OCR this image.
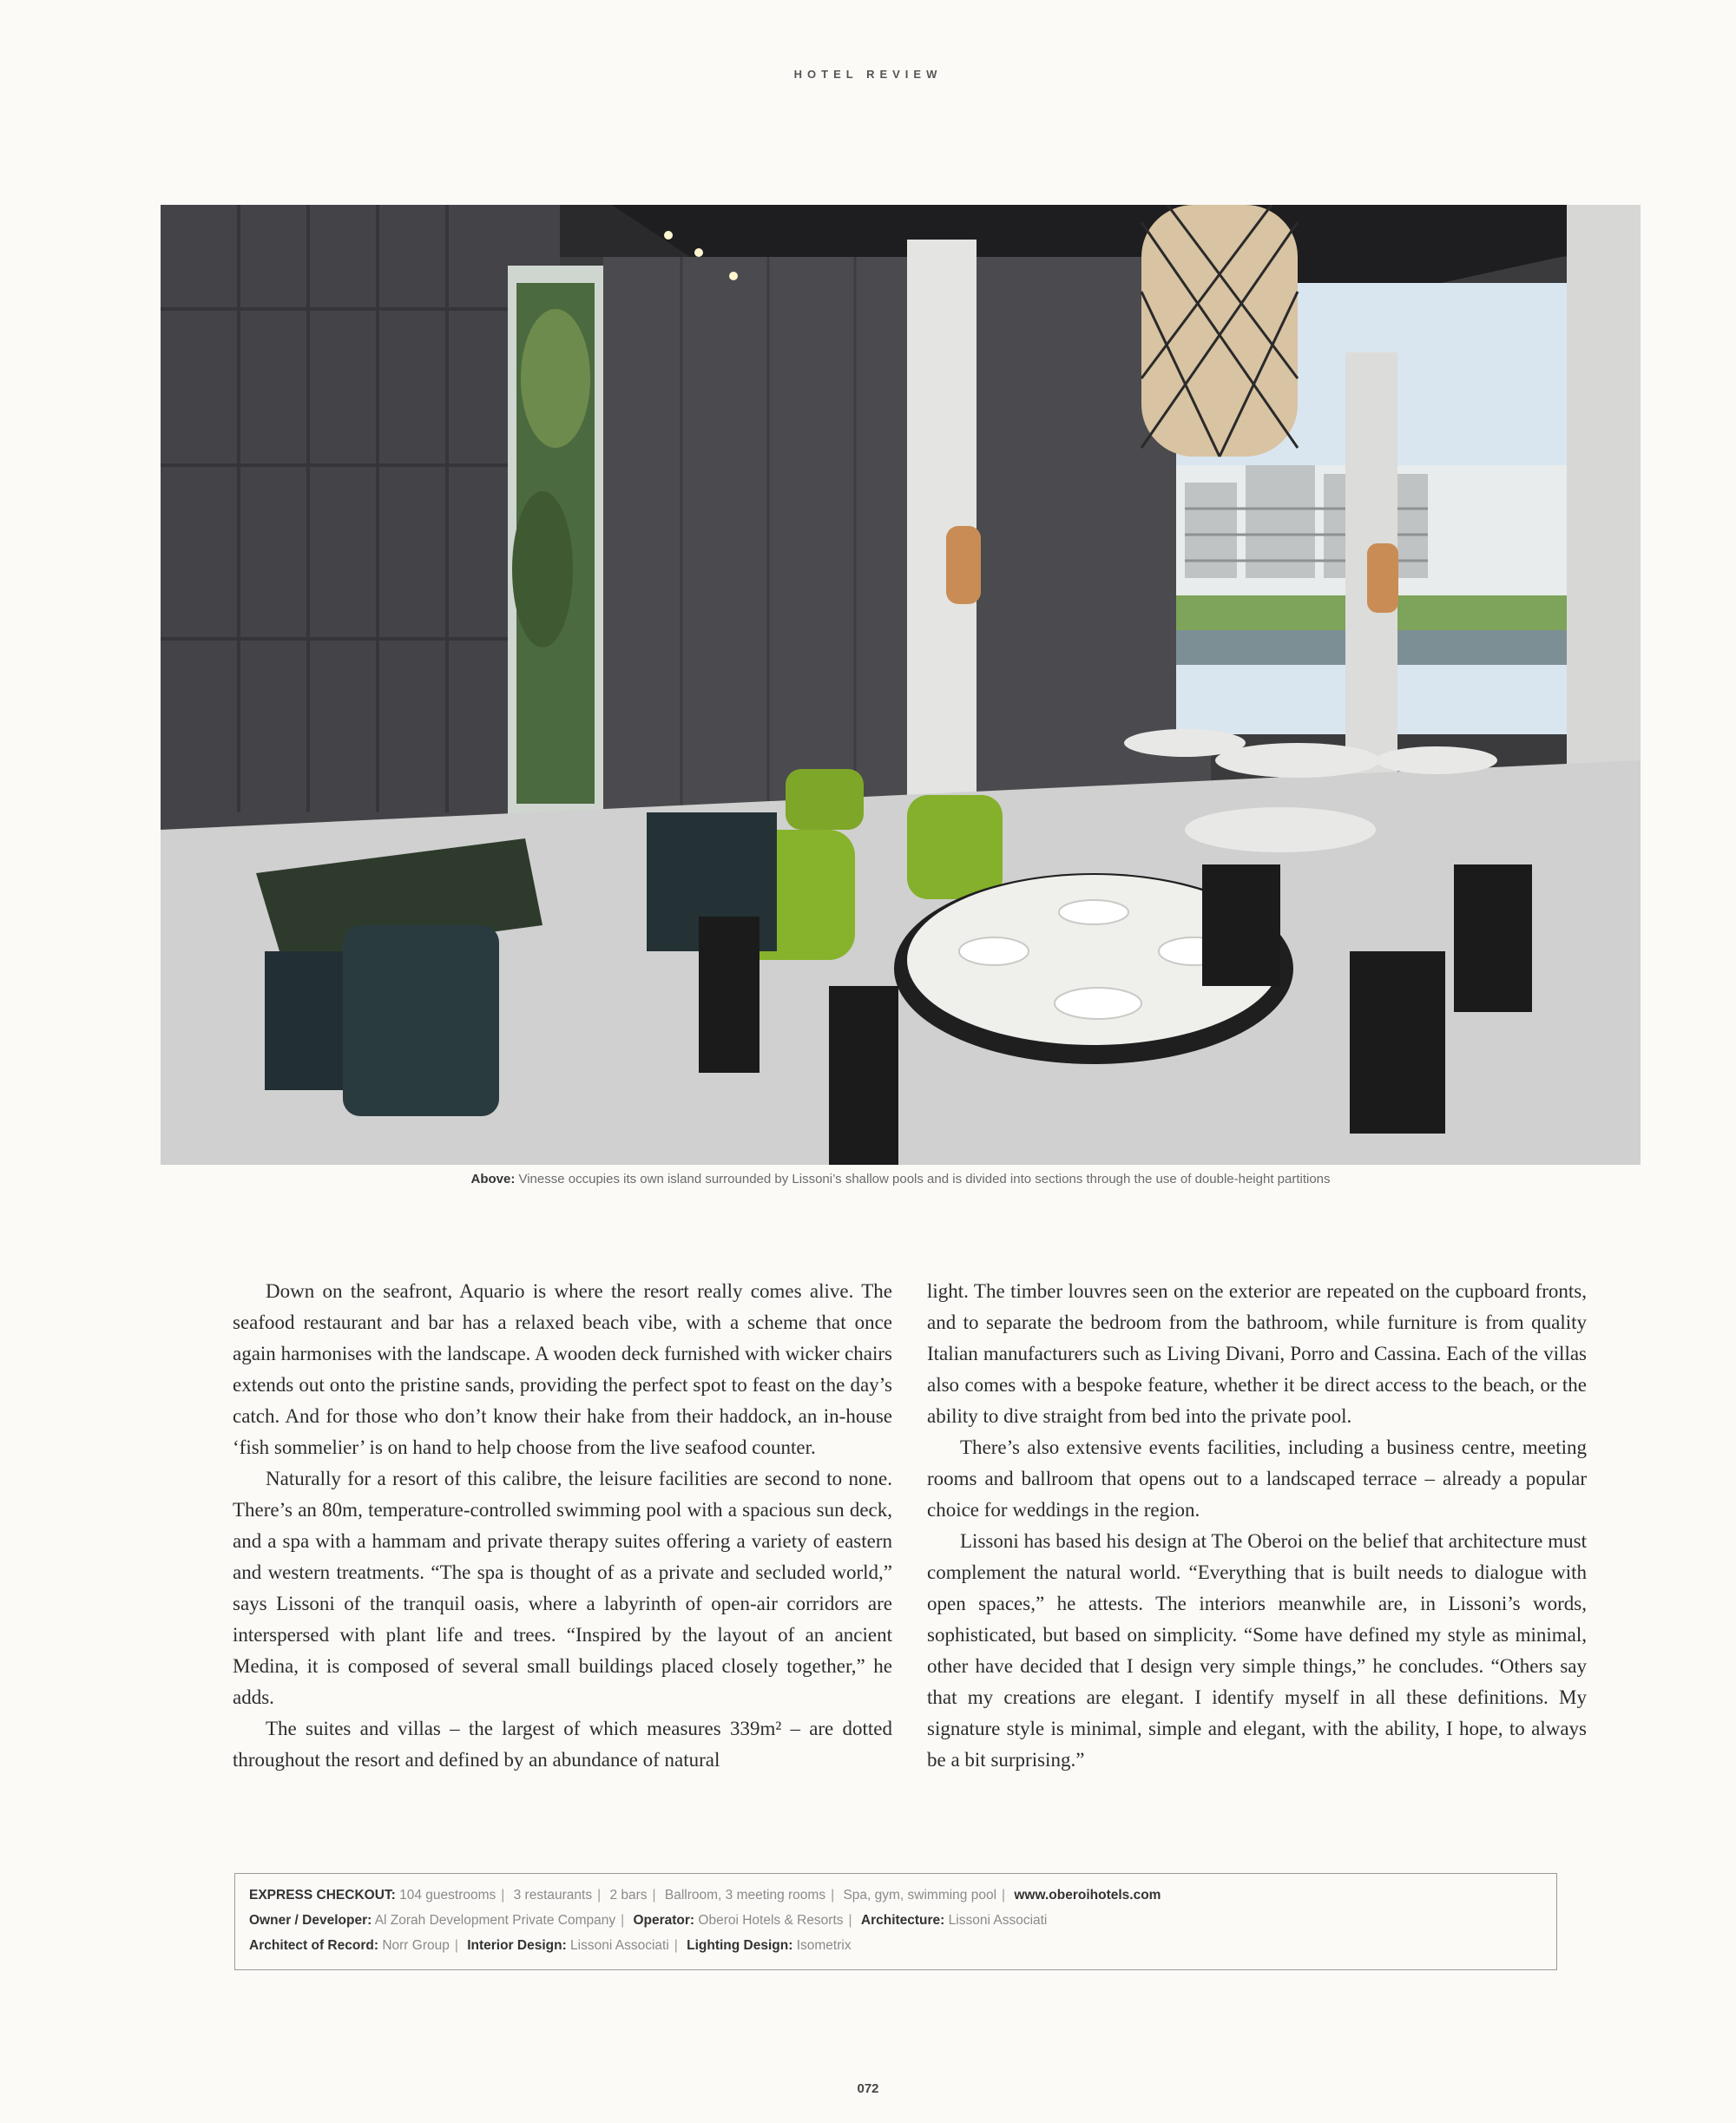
HOTEL REVIEW
Above: Vinesse occupies its own island surrounded by Lissoni’s shallow pools and is divided into sections through the use of double-height partitions

Down on the seafront, Aquario is where the resort really comes alive. The seafood restaurant and bar has a relaxed beach vibe, with a scheme that once again harmonises with the landscape. A wooden deck furnished with wicker chairs extends out onto the pristine sands, providing the perfect spot to feast on the day’s catch. And for those who don’t know their hake from their haddock, an in-house ‘fish sommelier’ is on hand to help choose from the live seafood counter.

Naturally for a resort of this calibre, the leisure facilities are second to none. There’s an 80m, temperature-controlled swimming pool with a spacious sun deck, and a spa with a hammam and private therapy suites offering a variety of eastern and western treatments. “The spa is thought of as a private and secluded world,” says Lissoni of the tranquil oasis, where a labyrinth of open-air corridors are interspersed with plant life and trees. “Inspired by the layout of an ancient Medina, it is composed of several small buildings placed closely together,” he adds.

The suites and villas – the largest of which measures 339m² – are dotted throughout the resort and defined by an abundance of natural

light. The timber louvres seen on the exterior are repeated on the cupboard fronts, and to separate the bedroom from the bathroom, while furniture is from quality Italian manufacturers such as Living Divani, Porro and Cassina. Each of the villas also comes with a bespoke feature, whether it be direct access to the beach, or the ability to dive straight from bed into the private pool.

There’s also extensive events facilities, including a business centre, meeting rooms and ballroom that opens out to a landscaped terrace – already a popular choice for weddings in the region.

Lissoni has based his design at The Oberoi on the belief that architecture must complement the natural world. “Everything that is built needs to dialogue with open spaces,” he attests. The interiors meanwhile are, in Lissoni’s words, sophisticated, but based on simplicity. “Some have defined my style as minimal, other have decided that I design very simple things,” he concludes. “Others say that my creations are elegant. I identify myself in all these definitions. My signature style is minimal, simple and elegant, with the ability, I hope, to always be a bit surprising.”

EXPRESS CHECKOUT: 104 guestrooms | 3 restaurants | 2 bars | Ballroom, 3 meeting rooms | Spa, gym, swimming pool | www.oberoihotels.com
Owner / Developer: Al Zorah Development Private Company | Operator: Oberoi Hotels & Resorts | Architecture: Lissoni Associati
Architect of Record: Norr Group | Interior Design: Lissoni Associati | Lighting Design: Isometrix
072
